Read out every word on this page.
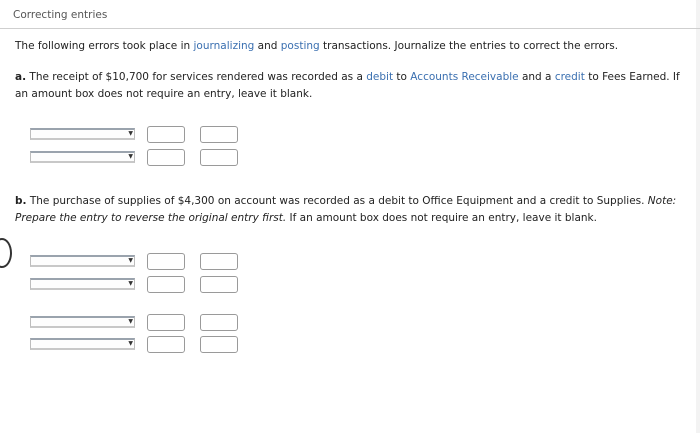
Correcting entries
The following errors took place in journalizing and posting transactions. Journalize the entries to correct the errors.
a. The receipt of $10,700 for services rendered was recorded as a debit to Accounts Receivable and a credit to Fees Earned. If an amount box does not require an entry, leave it blank.
▼
▼
b. The purchase of supplies of $4,300 on account was recorded as a debit to Office Equipment and a credit to Supplies. Note: Prepare the entry to reverse the original entry first. If an amount box does not require an entry, leave it blank.
▼
▼
▼
▼
